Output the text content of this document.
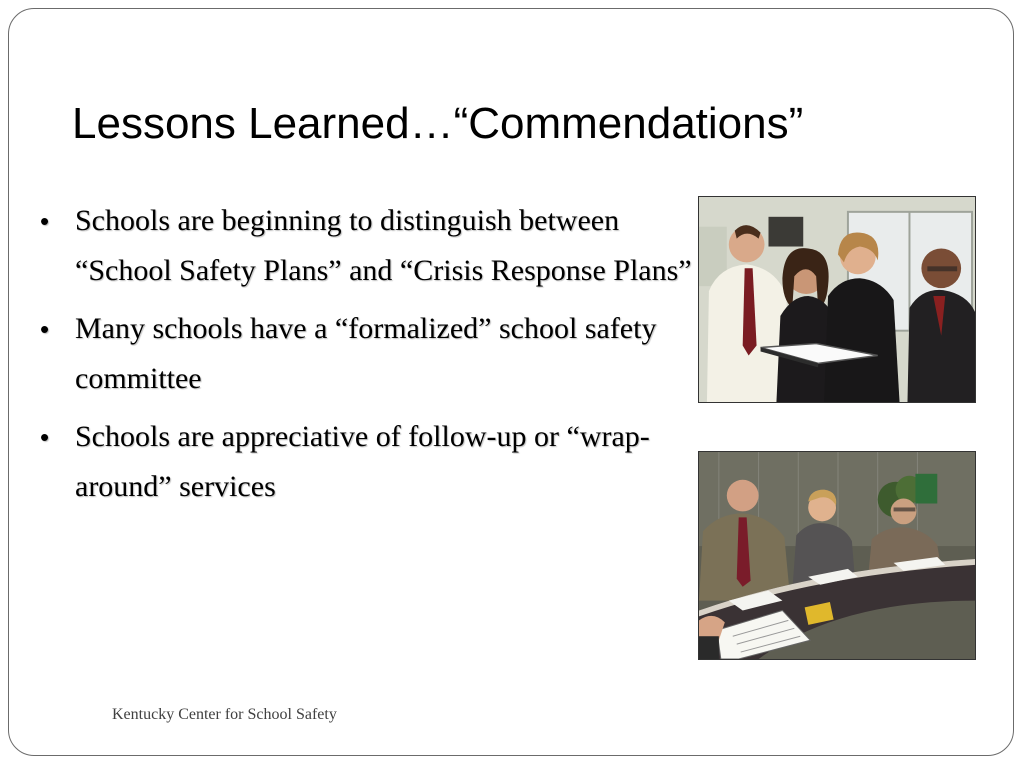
Lessons Learned…“Commendations”
• Schools are beginning to distinguish between “School Safety Plans” and “Crisis Response Plans”
• Many schools have a “formalized” school safety committee
• Schools are appreciative of follow-up or “wrap- around” services
Kentucky Center for School Safety
